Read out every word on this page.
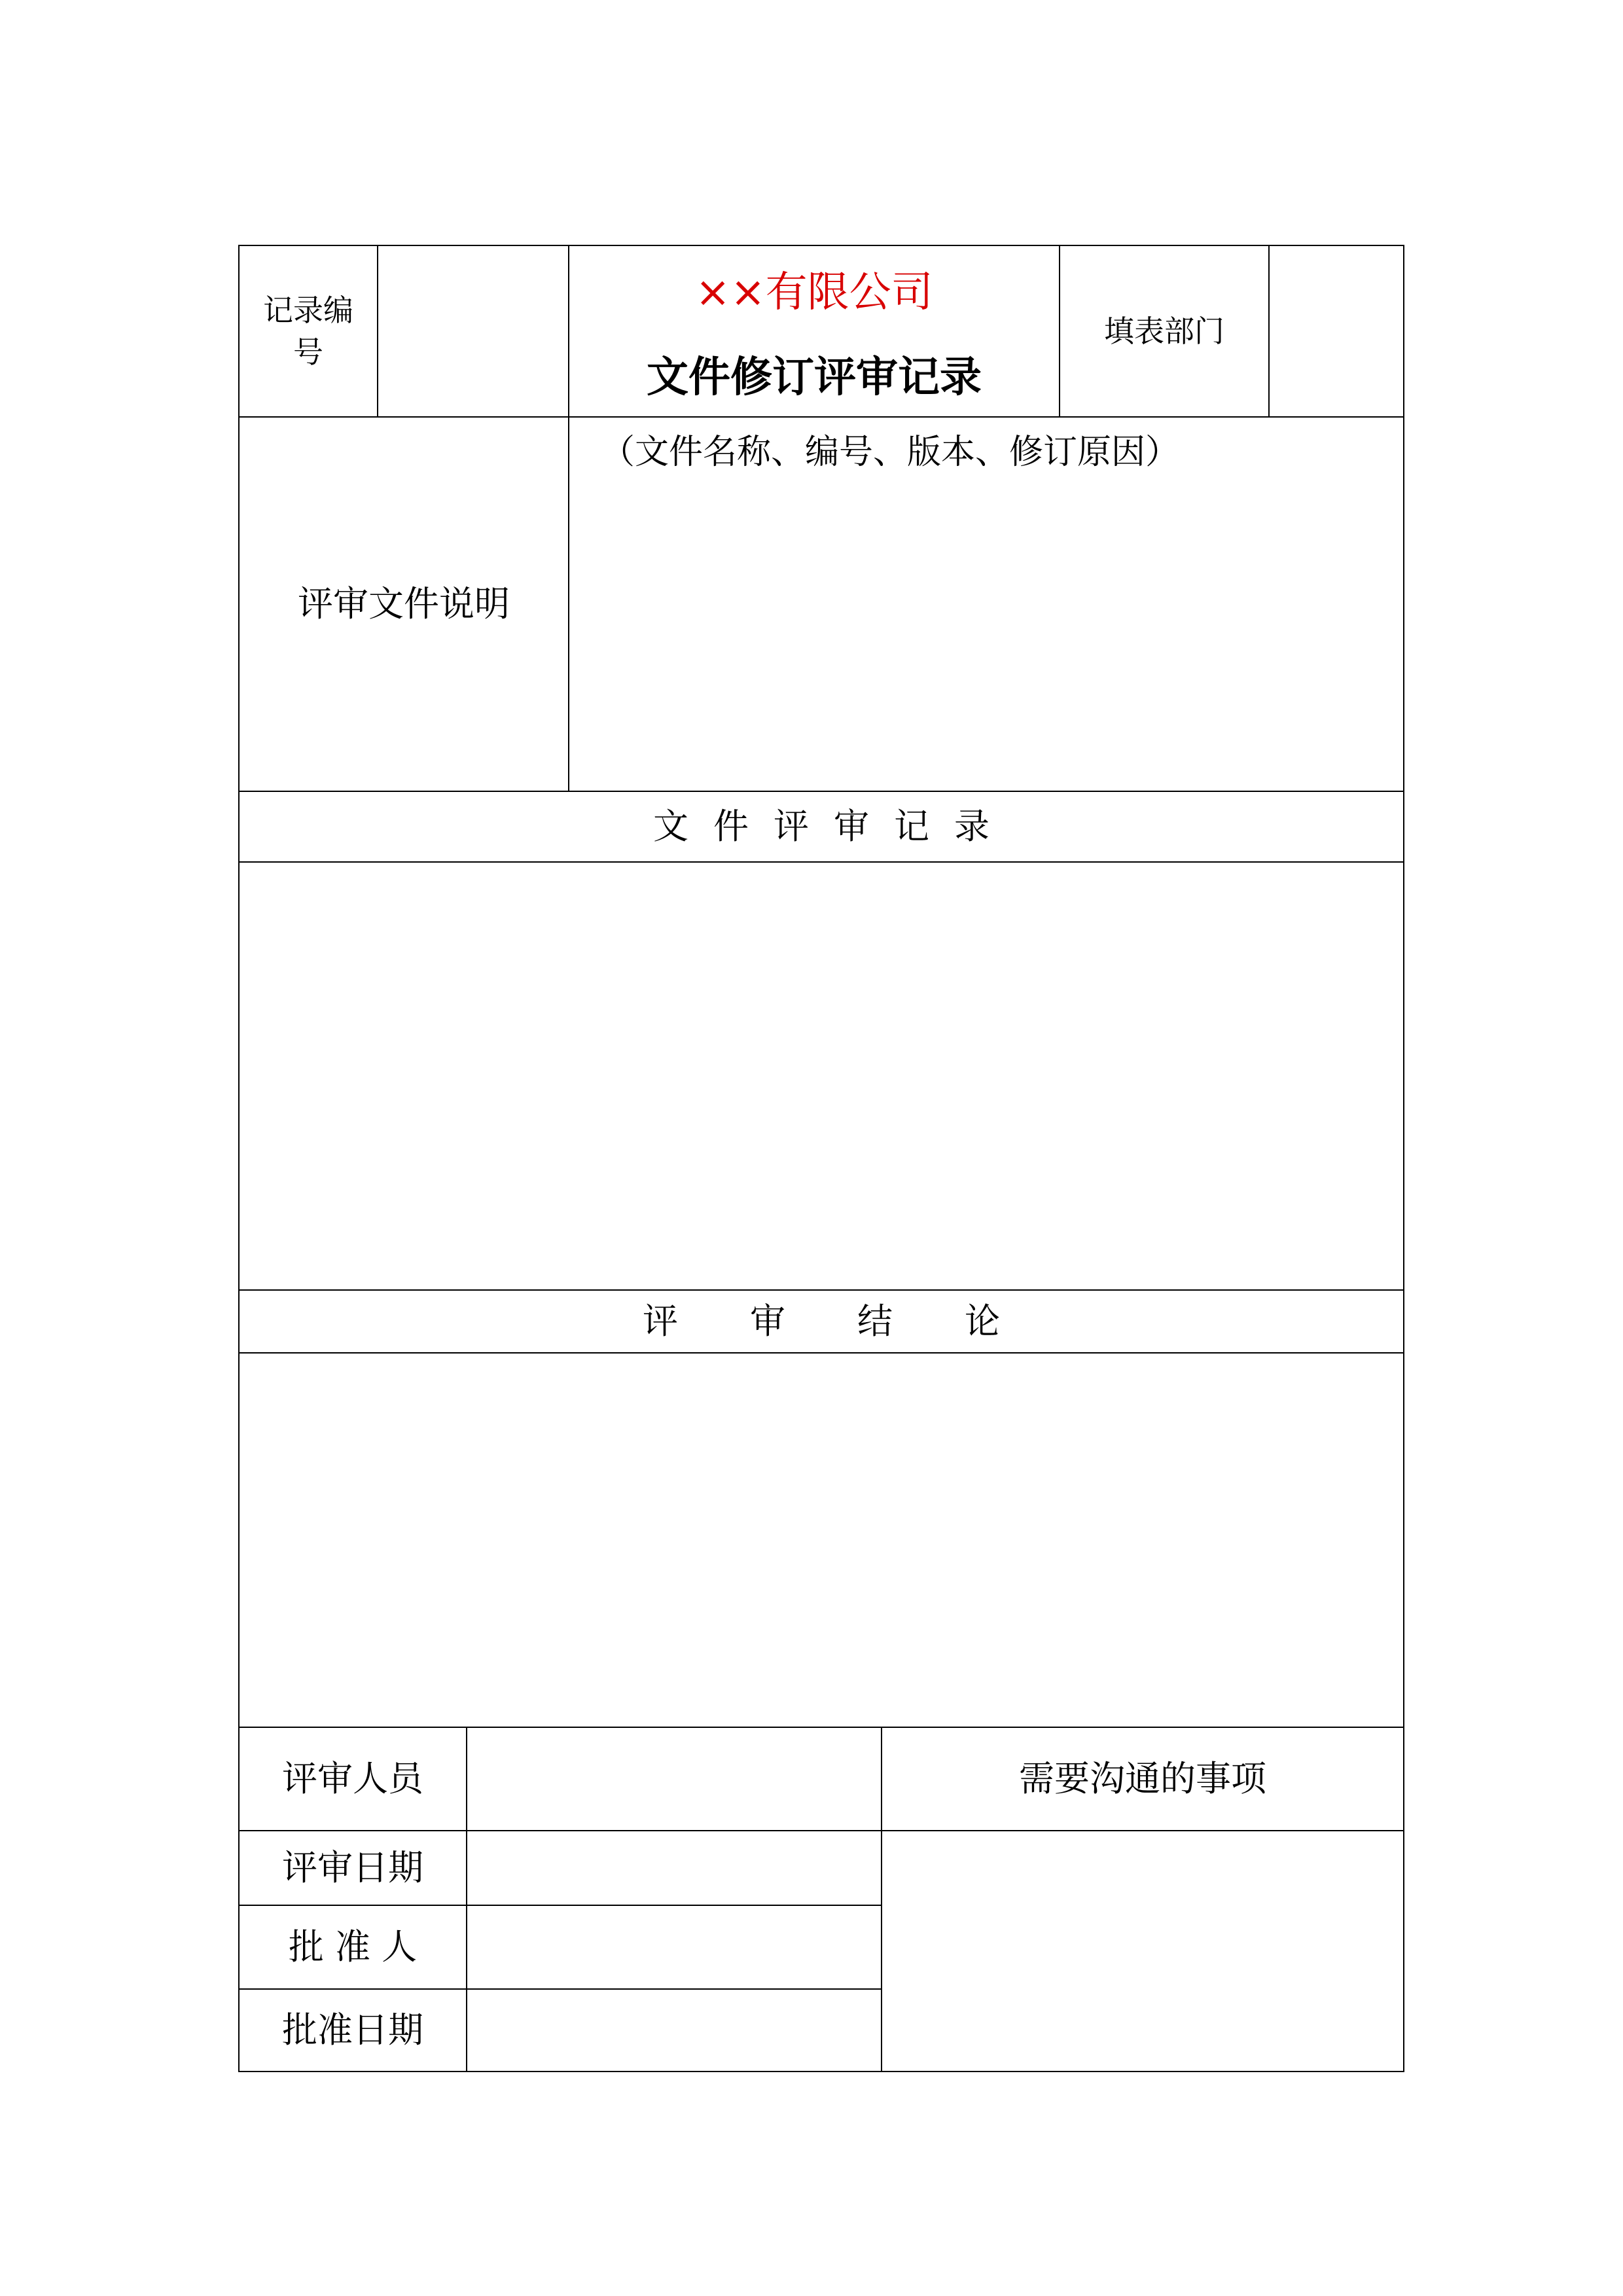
记录编号
××有限公司
文件修订评审记录
填表部门
评审文件说明
（文件名称、编号、版本、修订原因）
文件评审记录
评审结论
评审人员	需要沟通的事项
评审日期
批 准 人
批准日期
